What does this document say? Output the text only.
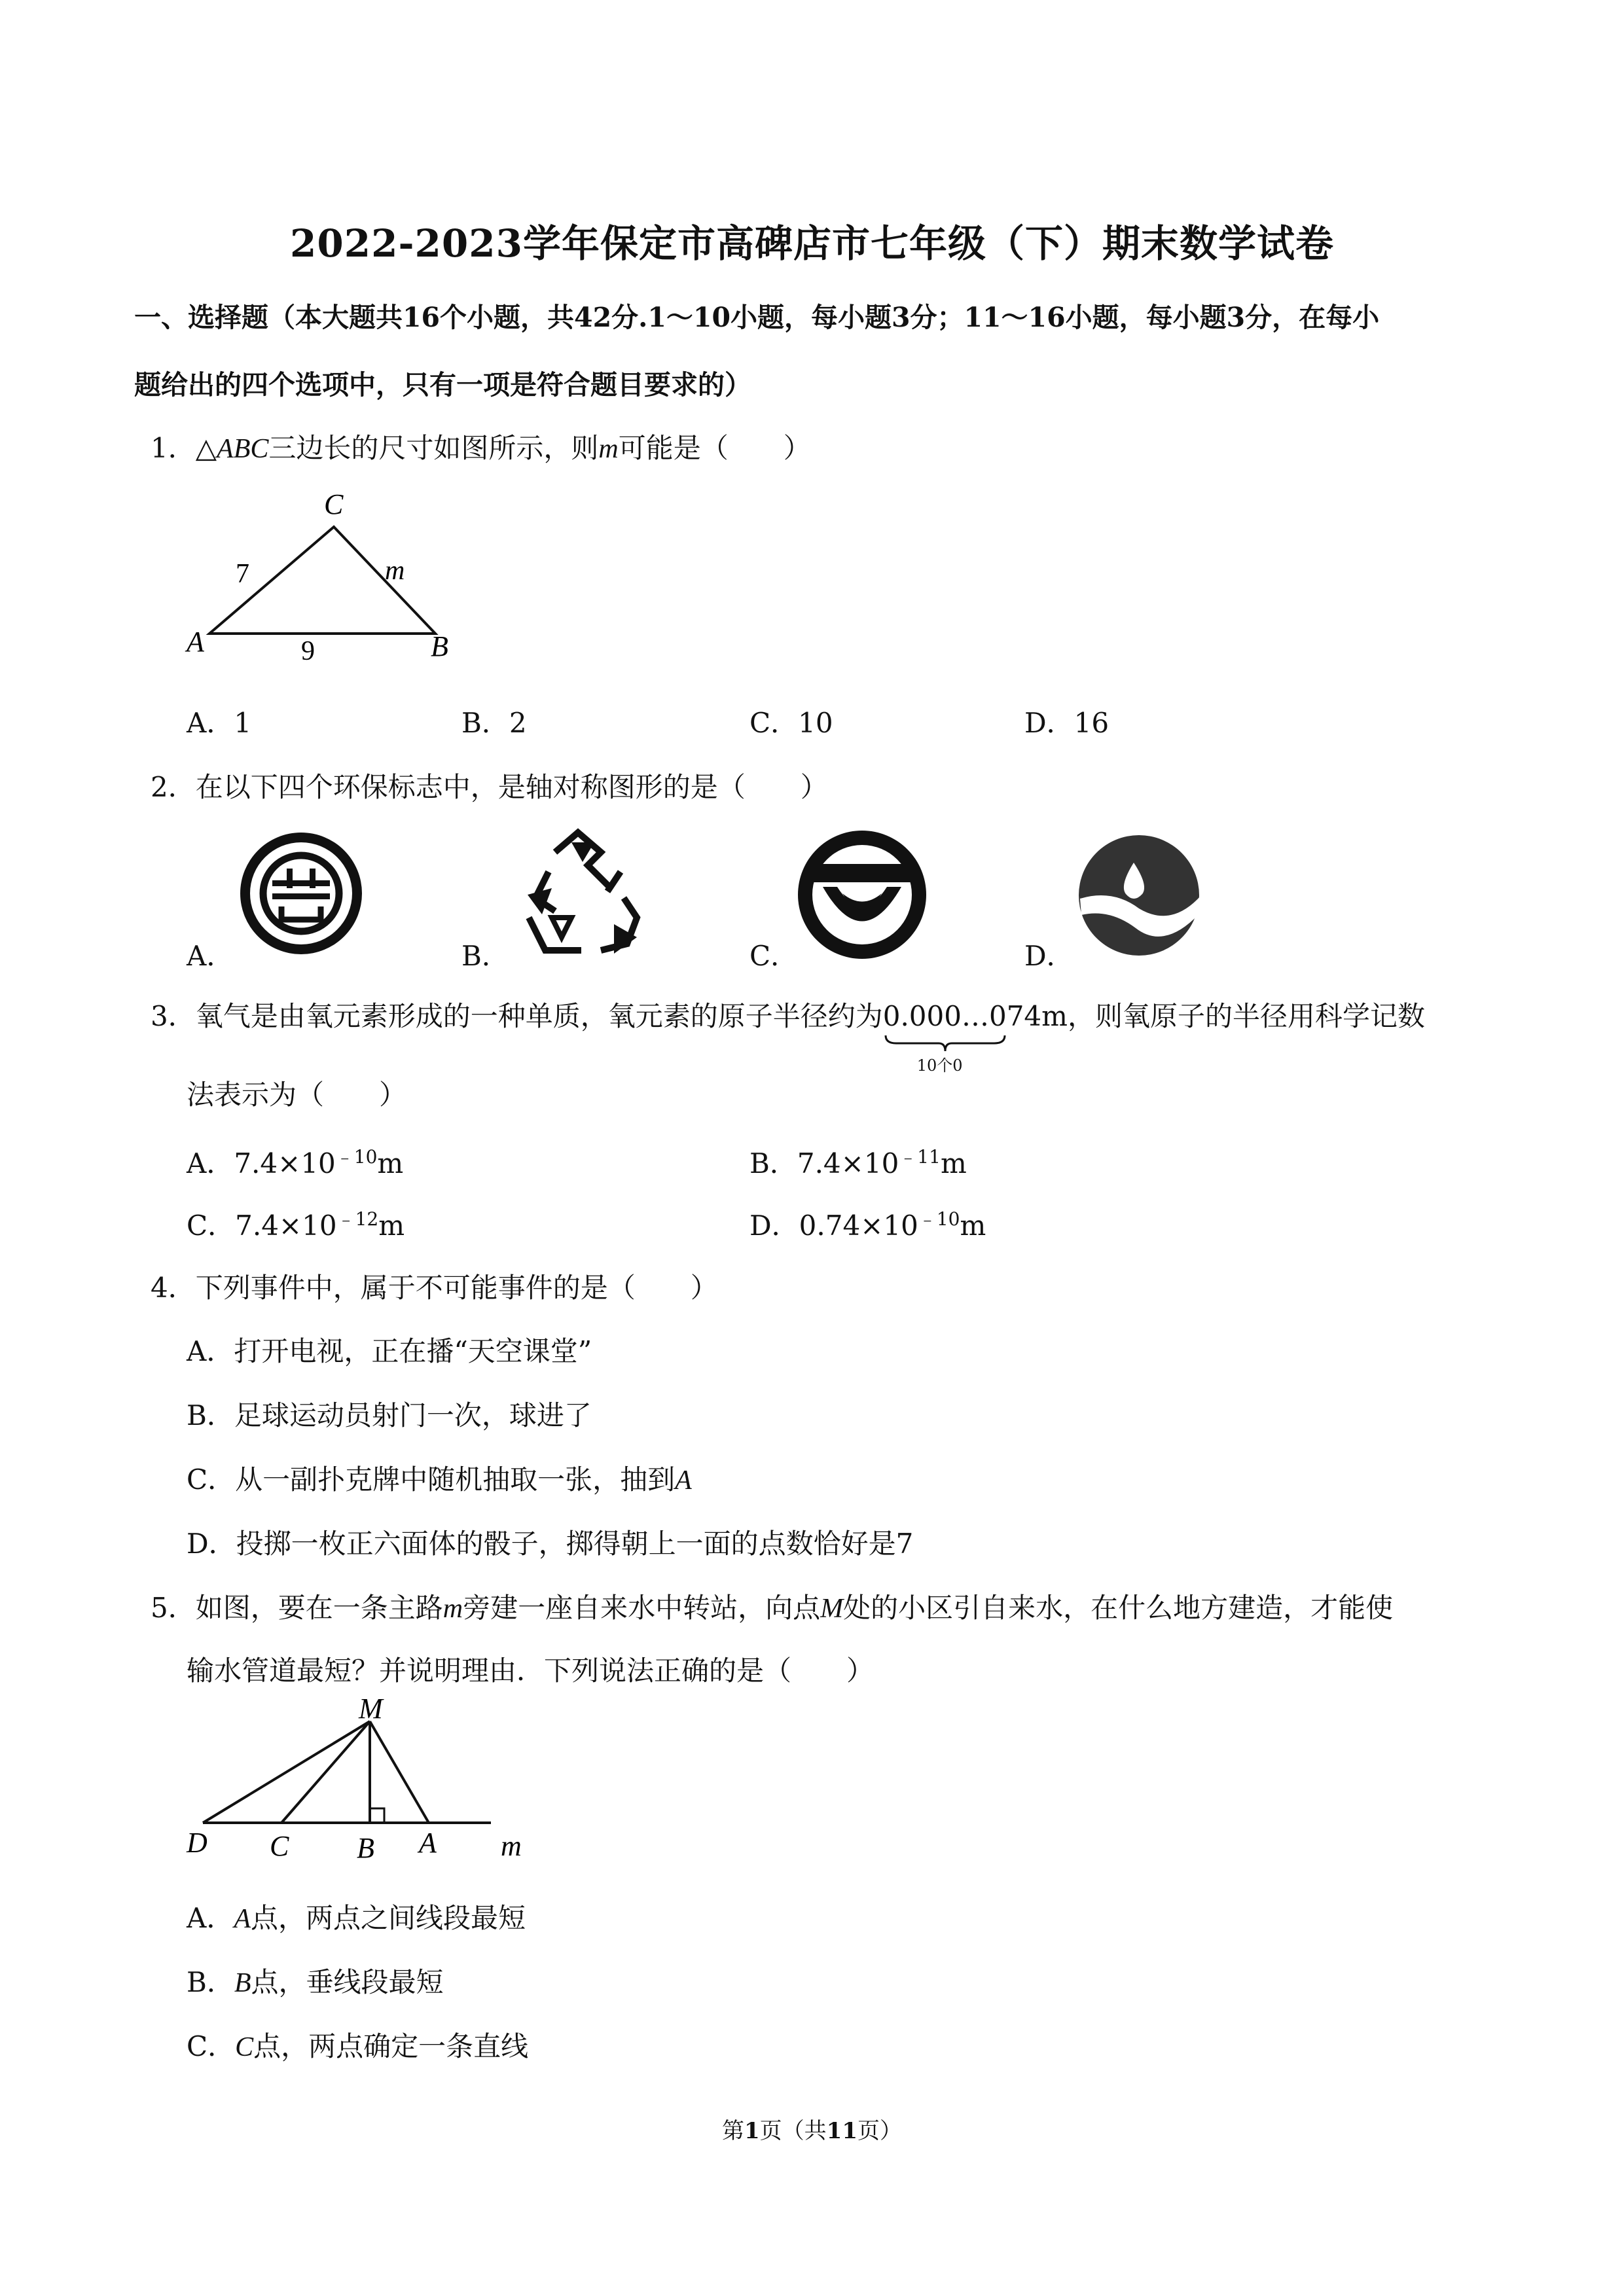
2022-2023学年保定市高碑店市七年级（下）期末数学试卷
一、选择题（本大题共16个小题，共42分.1～10小题，每小题3分；11～16小题，每小题3分，在每小
题给出的四个选项中，只有一项是符合题目要求的）
1．△ABC三边长的尺寸如图所示，则m可能是（　　）
C
A	B
7	m
9
A．1	B．2	C．10	D．16
2．在以下四个环保标志中，是轴对称图形的是（　　）
A．	B．	C．	D．
3．氧气是由氧元素形成的一种单质，氧元素的原子半径约为0.000…074
10个0
m，则氧原子的半径用科学记数
法表示为（　　）
A．$7.4\times 10^{﹣10}m$	B．$7.4\times 10^{﹣11}m$
C．$7.4\times 10^{﹣12}m$	D．$0.74\times 10^{﹣10}m$
4．下列事件中，属于不可能事件的是（　　）
A．打开电视，正在播“天空课堂”
B．足球运动员射门一次，球进了
C．从一副扑克牌中随机抽取一张，抽到A
D．投掷一枚正六面体的骰子，掷得朝上一面的点数恰好是7
5．如图，要在一条主路m旁建一座自来水中转站，向点M处的小区引自来水，在什么地方建造，才能使
输水管道最短？并说明理由．下列说法正确的是（　　）
M
D C B A m
A．A点，两点之间线段最短
B．B点，垂线段最短
C．C点，两点确定一条直线
第1页（共11页）
